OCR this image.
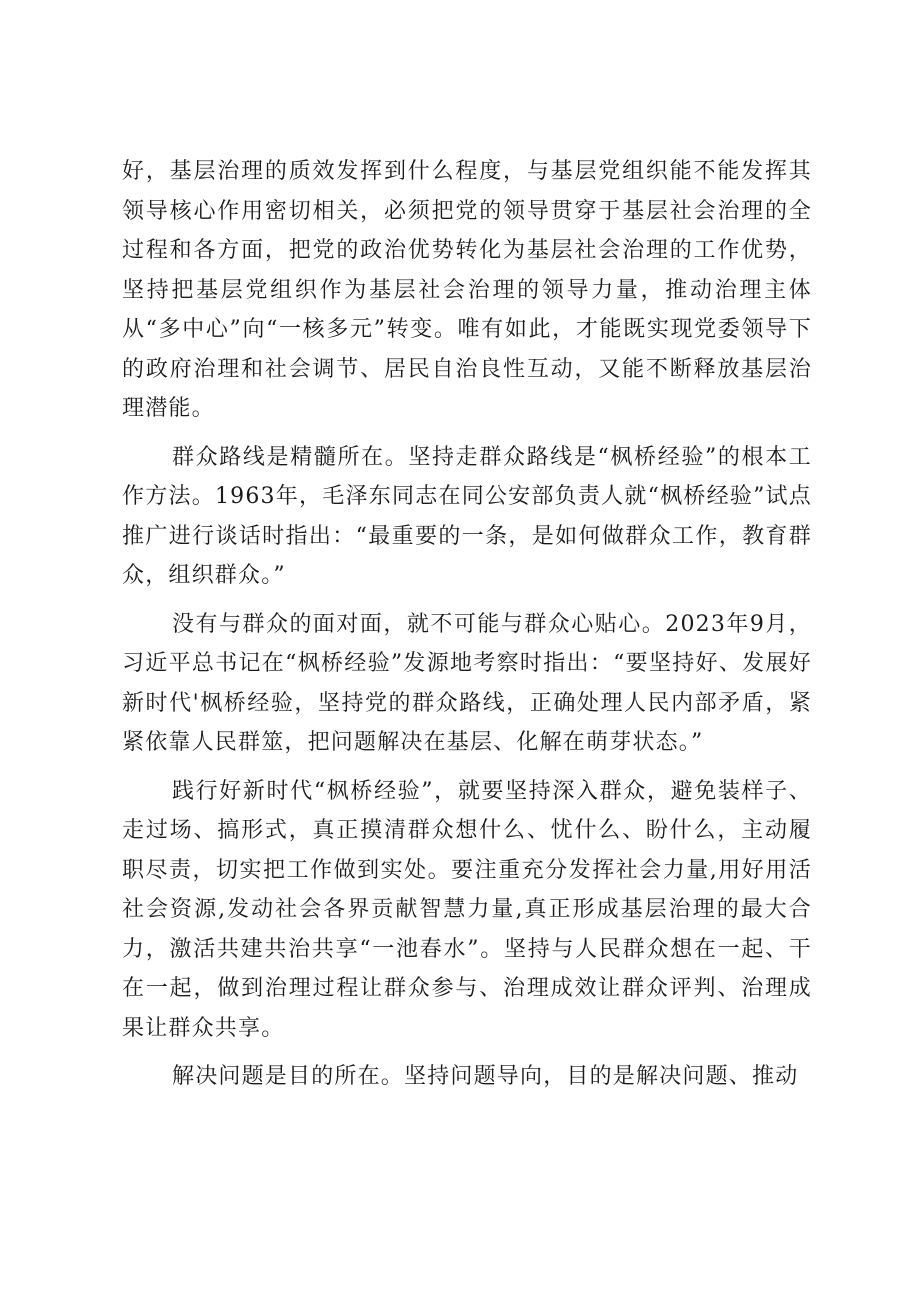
好，基层治理的质效发挥到什么程度，与基层党组织能不能发挥其领导核心作用密切相关，必须把党的领导贯穿于基层社会治理的全过程和各方面，把党的政治优势转化为基层社会治理的工作优势，坚持把基层党组织作为基层社会治理的领导力量，推动治理主体从“多中心”向“一核多元”转变。唯有如此，才能既实现党委领导下的政府治理和社会调节、居民自治良性互动，又能不断释放基层治理潜能。

群众路线是精髓所在。坚持走群众路线是“枫桥经验”的根本工作方法。1963年，毛泽东同志在同公安部负责人就“枫桥经验”试点推广进行谈话时指出：“最重要的一条，是如何做群众工作，教育群众，组织群众。”

没有与群众的面对面，就不可能与群众心贴心。2023年9月，习近平总书记在“枫桥经验”发源地考察时指出：“要坚持好、发展好新时代'枫桥经验，坚持党的群众路线，正确处理人民内部矛盾，紧紧依靠人民群筮，把问题解决在基层、化解在萌芽状态。”

践行好新时代“枫桥经验”，就要坚持深入群众，避免装样子、走过场、搞形式，真正摸清群众想什么、忧什么、盼什么，主动履职尽责，切实把工作做到实处。要注重充分发挥社会力量,用好用活社会资源,发动社会各界贡献智慧力量,真正形成基层治理的最大合力，激活共建共治共享“一池春水”。坚持与人民群众想在一起、干在一起，做到治理过程让群众参与、治理成效让群众评判、治理成果让群众共享。

解决问题是目的所在。坚持问题导向，目的是解决问题、推动
